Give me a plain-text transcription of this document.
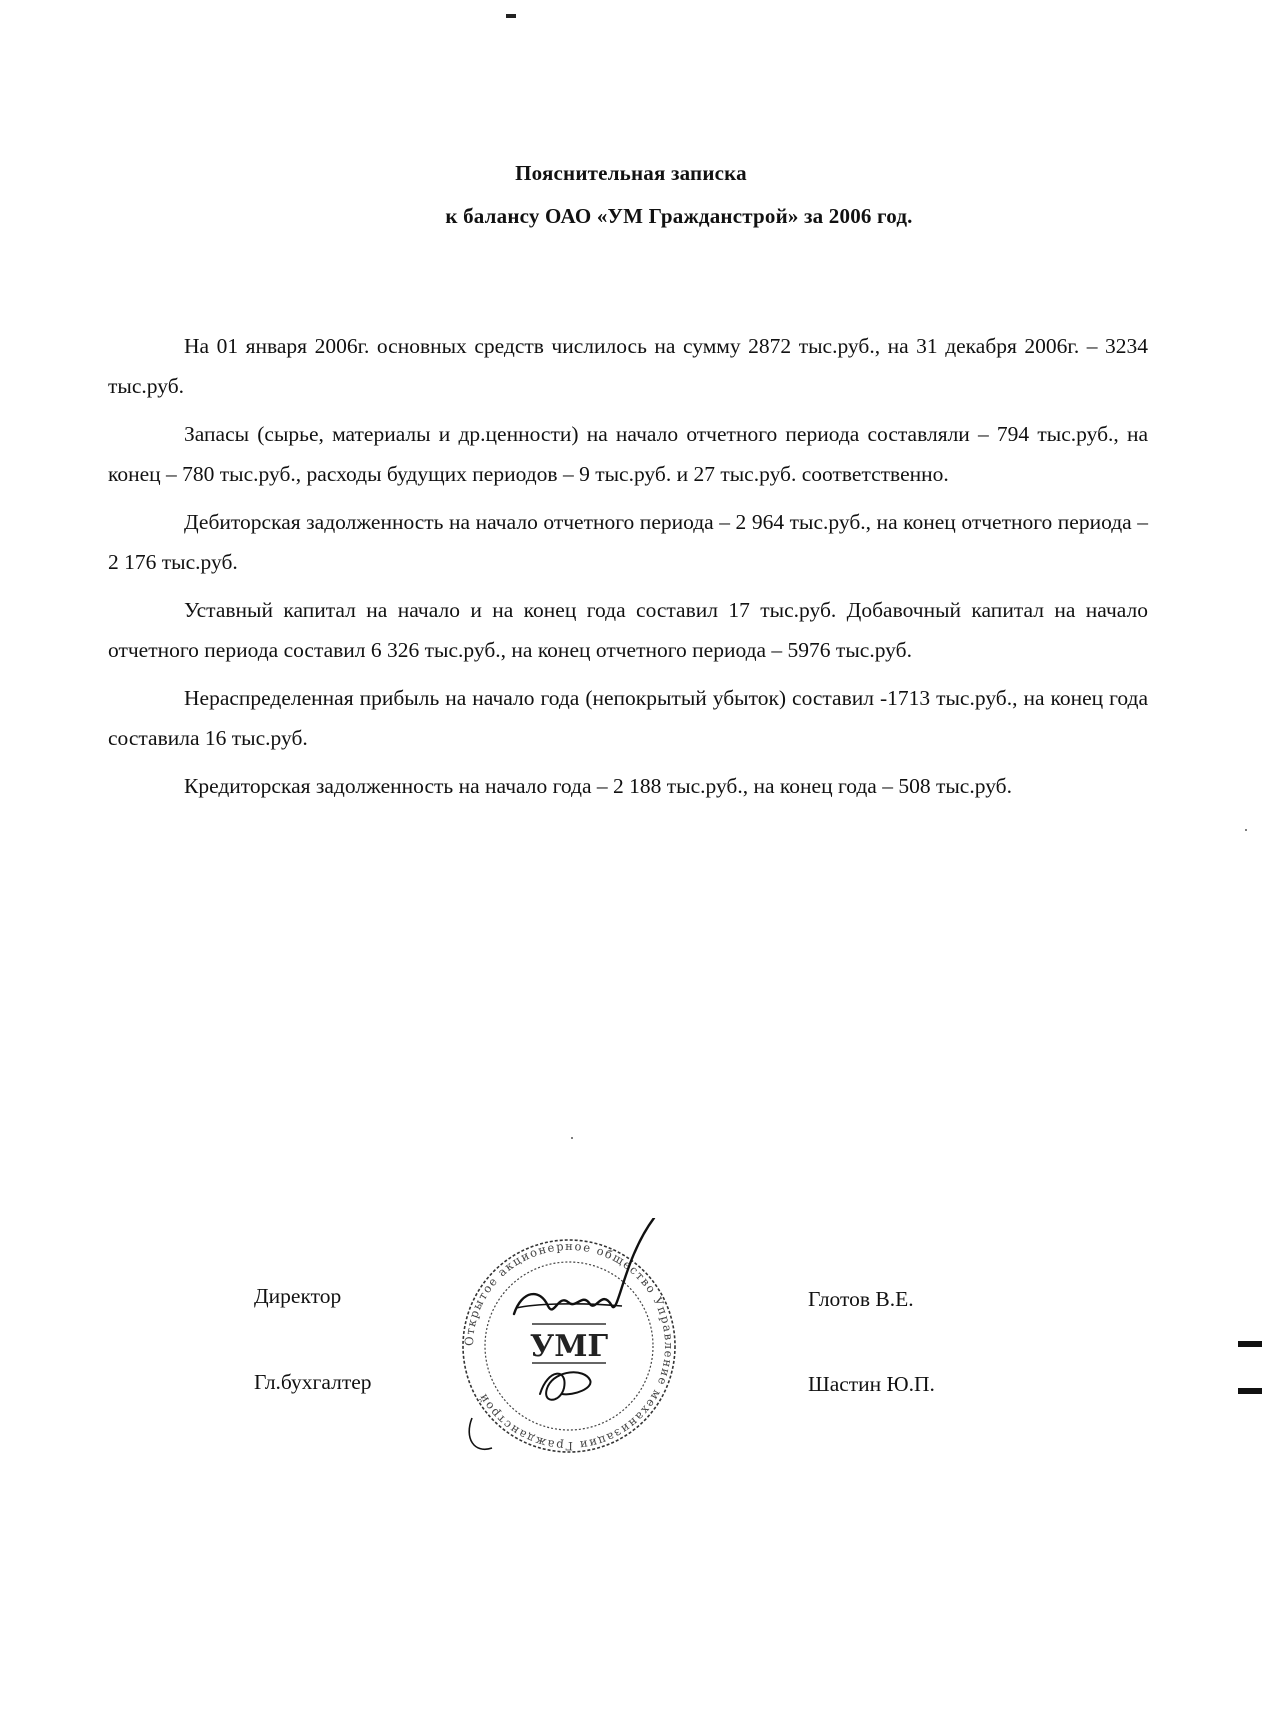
Пояснительная записка
к балансу ОАО «УМ Гражданстрой» за 2006 год.

На 01 января 2006г. основных средств числилось на сумму 2872 тыс.руб., на 31 декабря 2006г. – 3234 тыс.руб.

Запасы (сырье, материалы и др.ценности) на начало отчетного периода составляли – 794 тыс.руб., на конец – 780 тыс.руб., расходы будущих периодов – 9 тыс.руб. и 27 тыс.руб. соответственно.

Дебиторская задолженность на начало отчетного периода – 2 964 тыс.руб., на конец отчетного периода – 2 176 тыс.руб.

Уставный капитал на начало и на конец года составил 17 тыс.руб. Добавочный капитал на начало отчетного периода составил 6 326 тыс.руб., на конец отчетного периода – 5976 тыс.руб.

Нераспределенная прибыль на начало года (непокрытый убыток) составил -1713 тыс.руб., на конец года составила 16 тыс.руб.

Кредиторская задолженность на начало года – 2 188 тыс.руб., на конец года – 508 тыс.руб.

Директор
Гл.бухгалтер
Глотов В.Е.
Шастин Ю.П.
Открытое акционерное общество Управление механизации Гражданстрой
УМГ
